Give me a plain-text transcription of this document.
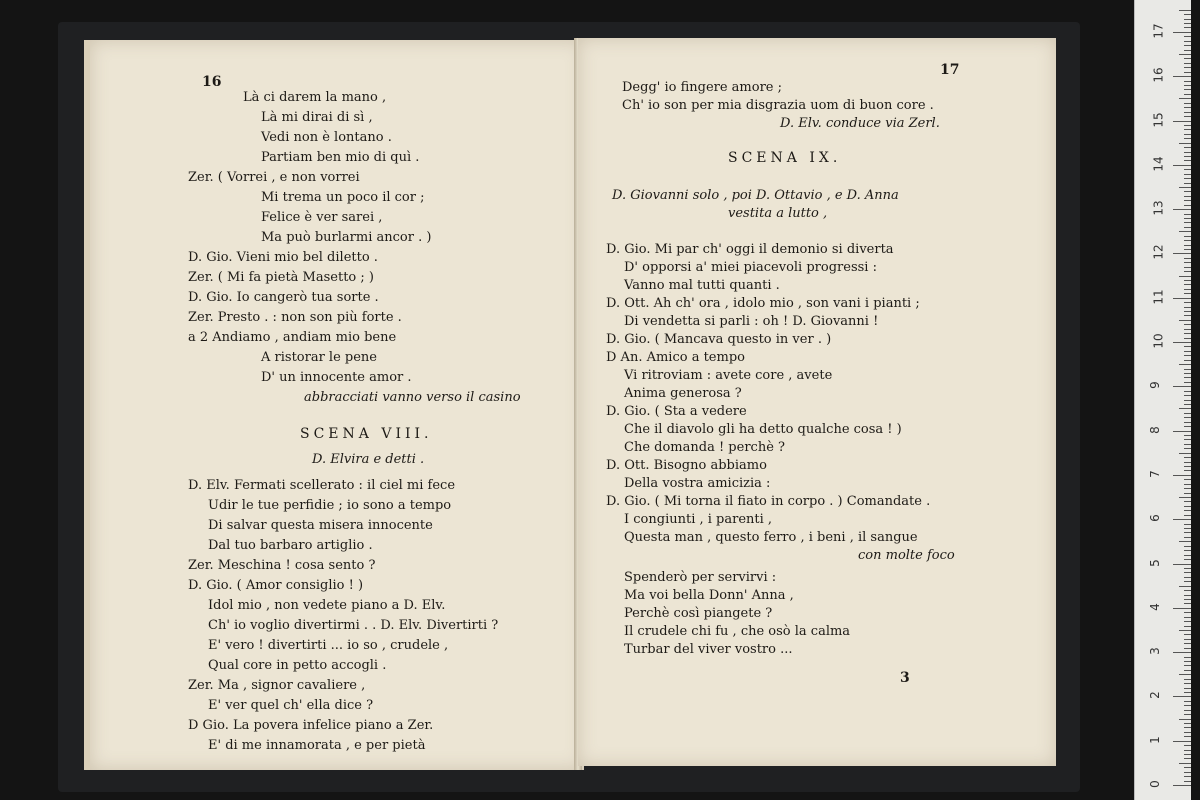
16
Là ci darem la mano ,
Là mi dirai di sì ,
Vedi non è lontano .
Partiam ben mio di quì .
Zer. ( Vorrei , e non vorrei
Mi trema un poco il cor ;
Felice è ver sarei ,
Ma può burlarmi ancor . )
D. Gio. Vieni mio bel diletto .
Zer. ( Mi fa pietà Masetto ; )
D. Gio. Io cangerò tua sorte .
Zer. Presto . : non son più forte .
a 2 Andiamo , andiam mio bene
A ristorar le pene
D' un innocente amor .
abbracciati vanno verso il casino
SCENA VIII.
D. Elvira e detti .
D. Elv. Fermati scellerato : il ciel mi fece
Udir le tue perfidie ; io sono a tempo
Di salvar questa misera innocente
Dal tuo barbaro artiglio .
Zer. Meschina ! cosa sento ?
D. Gio. ( Amor consiglio ! )
Idol mio , non vedete piano a D. Elv.
Ch' io voglio divertirmi . . D. Elv. Divertirti ?
E' vero ! divertirti ... io so , crudele ,
Qual core in petto accogli .
Zer. Ma , signor cavaliere ,
E' ver quel ch' ella dice ?
D Gio. La povera infelice piano a Zer.
E' di me innamorata , e per pietà
17
Degg' io fingere amore ;
Ch' io son per mia disgrazia uom di buon core .
D. Elv. conduce via Zerl.
SCENA IX.
D. Giovanni solo , poi D. Ottavio , e D. Anna
vestita a lutto ,
D. Gio. Mi par ch' oggi il demonio si diverta
D' opporsi a' miei piacevoli progressi :
Vanno mal tutti quanti .
D. Ott. Ah ch' ora , idolo mio , son vani i pianti ;
Di vendetta si parli : oh ! D. Giovanni !
D. Gio. ( Mancava questo in ver . )
D An. Amico a tempo
Vi ritroviam : avete core , avete
Anima generosa ?
D. Gio. ( Sta a vedere
Che il diavolo gli ha detto qualche cosa ! )
Che domanda ! perchè ?
D. Ott. Bisogno abbiamo
Della vostra amicizia :
D. Gio. ( Mi torna il fiato in corpo . ) Comandate .
I congiunti , i parenti ,
Questa man , questo ferro , i beni , il sangue
con molte foco
Spenderò per servirvi :
Ma voi bella Donn' Anna ,
Perchè così piangete ?
Il crudele chi fu , che osò la calma
Turbar del viver vostro ...
3
0
1
2
3
4
5
6
7
8
9
10
11
12
13
14
15
16
17
